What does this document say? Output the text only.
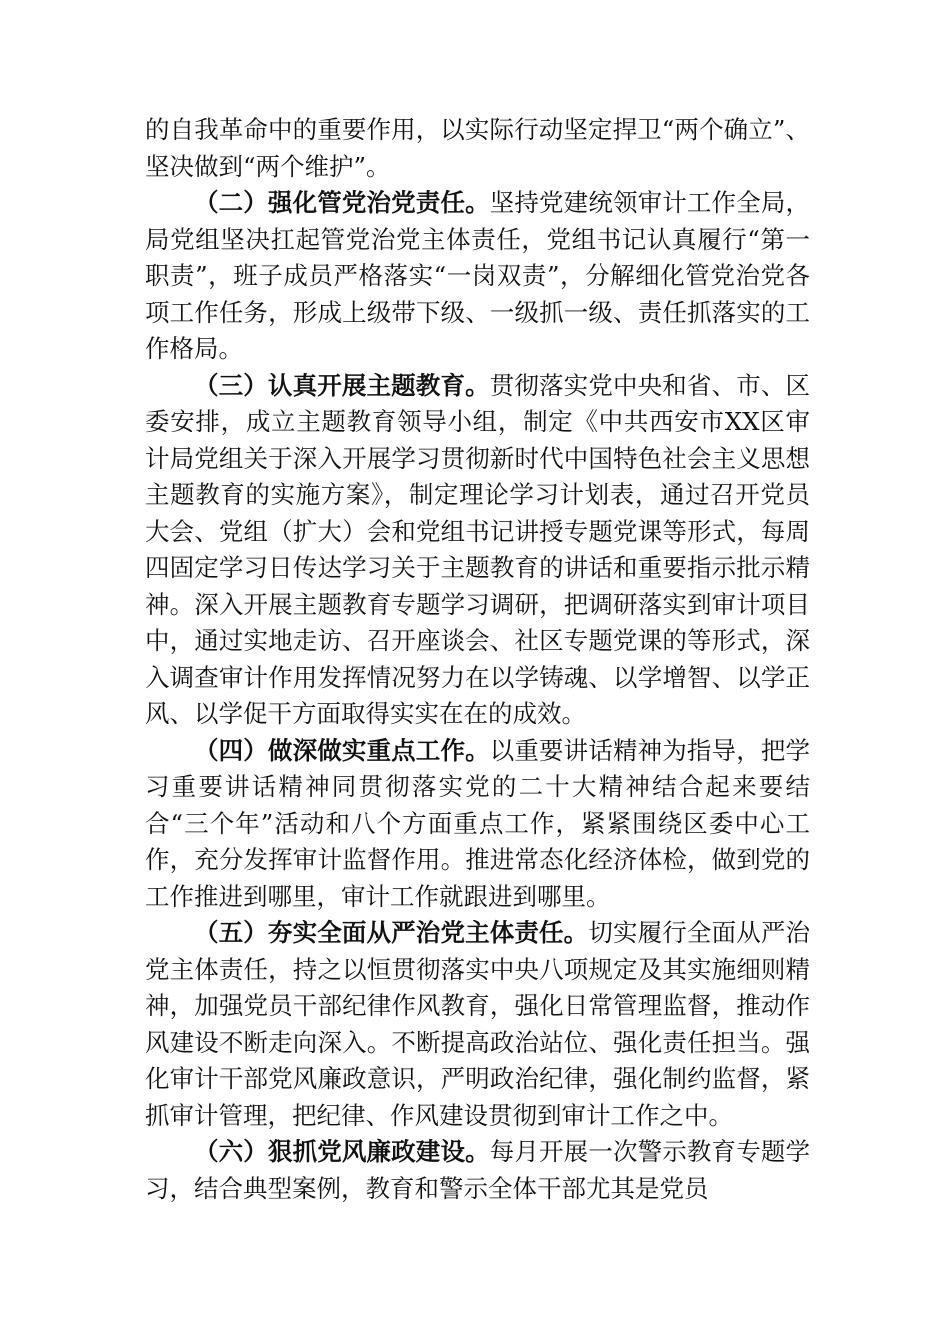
的自我革命中的重要作用，以实际行动坚定捍卫“两个确立”、坚决做到“两个维护”。

（二）强化管党治党责任。坚持党建统领审计工作全局，局党组坚决扛起管党治党主体责任，党组书记认真履行“第一职责”，班子成员严格落实“一岗双责”，分解细化管党治党各项工作任务，形成上级带下级、一级抓一级、责任抓落实的工作格局。

（三）认真开展主题教育。贯彻落实党中央和省、市、区委安排，成立主题教育领导小组，制定《中共西安市XX区审计局党组关于深入开展学习贯彻新时代中国特色社会主义思想主题教育的实施方案》，制定理论学习计划表，通过召开党员大会、党组（扩大）会和党组书记讲授专题党课等形式，每周四固定学习日传达学习关于主题教育的讲话和重要指示批示精神。深入开展主题教育专题学习调研，把调研落实到审计项目中，通过实地走访、召开座谈会、社区专题党课的等形式，深入调查审计作用发挥情况努力在以学铸魂、以学增智、以学正风、以学促干方面取得实实在在的成效。

（四）做深做实重点工作。以重要讲话精神为指导，把学习重要讲话精神同贯彻落实党的二十大精神结合起来要结合“三个年”活动和八个方面重点工作，紧紧围绕区委中心工作，充分发挥审计监督作用。推进常态化经济体检，做到党的工作推进到哪里，审计工作就跟进到哪里。

（五）夯实全面从严治党主体责任。切实履行全面从严治党主体责任，持之以恒贯彻落实中央八项规定及其实施细则精神，加强党员干部纪律作风教育，强化日常管理监督，推动作风建设不断走向深入。不断提高政治站位、强化责任担当。强化审计干部党风廉政意识，严明政治纪律，强化制约监督，紧抓审计管理，把纪律、作风建设贯彻到审计工作之中。

（六）狠抓党风廉政建设。每月开展一次警示教育专题学习，结合典型案例，教育和警示全体干部尤其是党员
